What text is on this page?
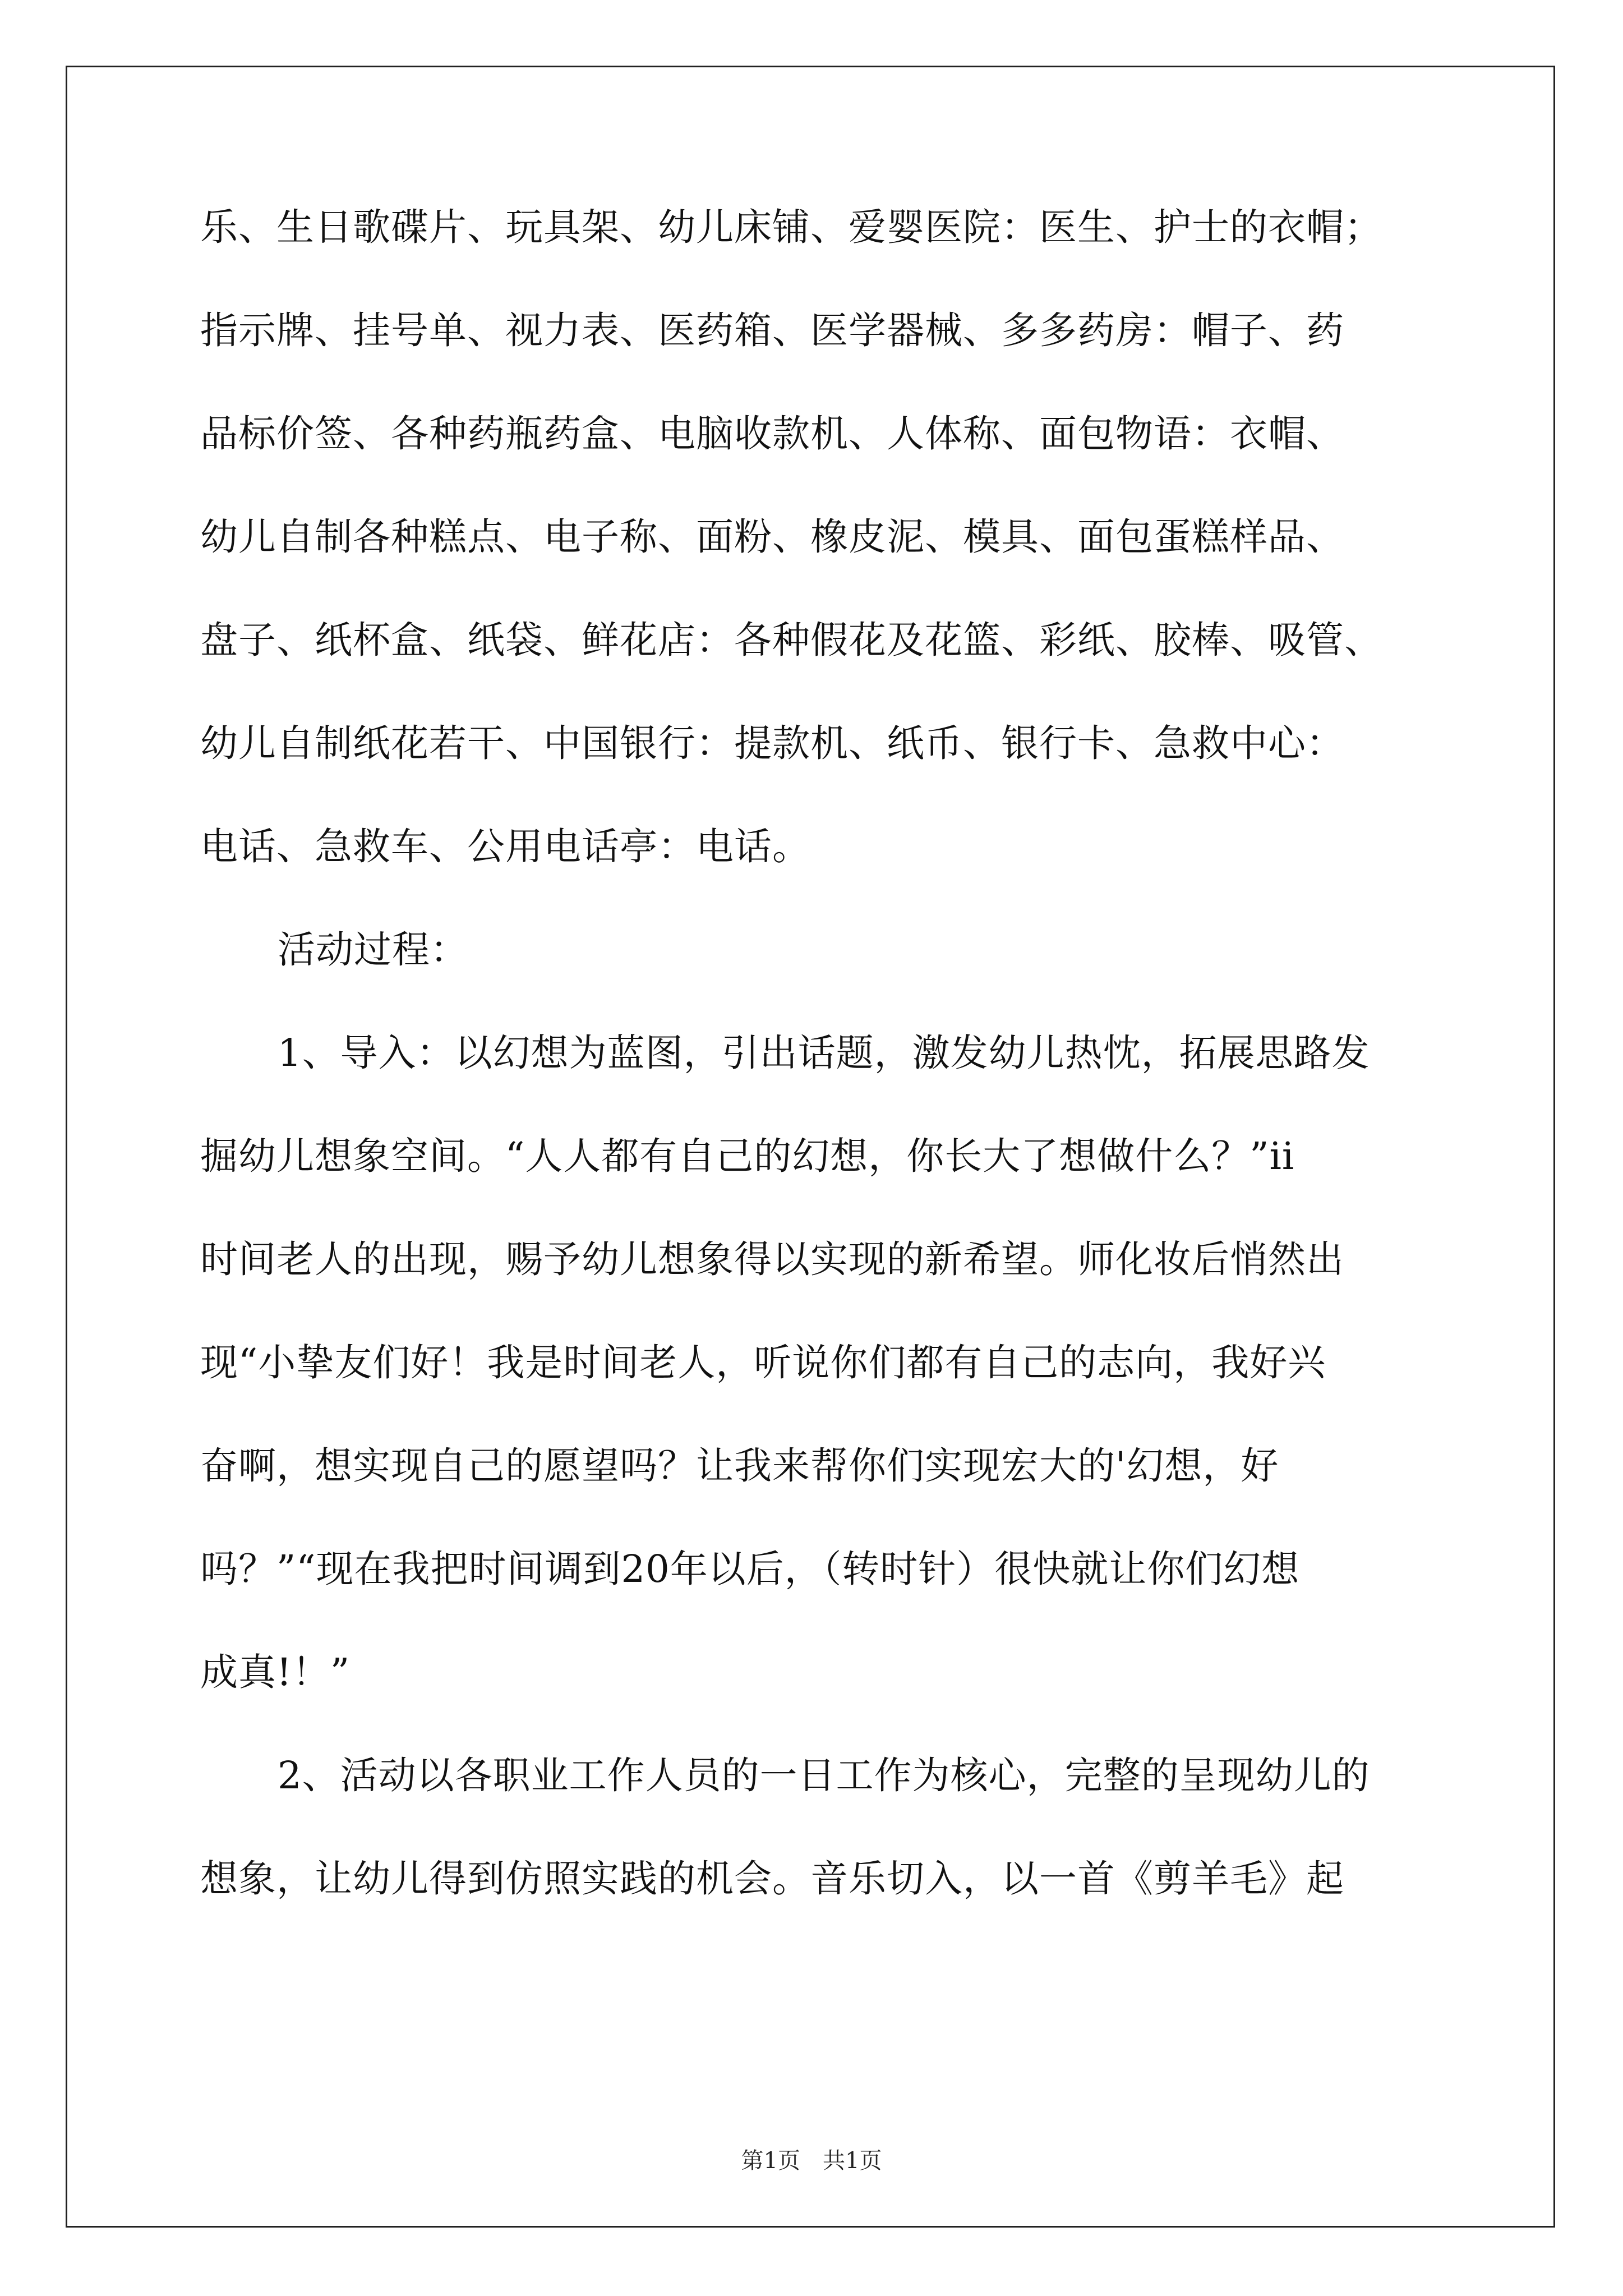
乐、生日歌碟片、玩具架、幼儿床铺、爱婴医院：医生、护士的衣帽；
指示牌、挂号单、视力表、医药箱、医学器械、多多药房：帽子、药
品标价签、各种药瓶药盒、电脑收款机、人体称、面包物语：衣帽、
幼儿自制各种糕点、电子称、面粉、橡皮泥、模具、面包蛋糕样品、
盘子、纸杯盒、纸袋、鲜花店：各种假花及花篮、彩纸、胶棒、吸管、
幼儿自制纸花若干、中国银行：提款机、纸币、银行卡、急救中心：
电话、急救车、公用电话亭：电话。
活动过程：
1、导入：以幻想为蓝图，引出话题，激发幼儿热忱，拓展思路发
掘幼儿想象空间。“人人都有自己的幻想，你长大了想做什么？”ii
时间老人的出现，赐予幼儿想象得以实现的新希望。师化妆后悄然出
现“小挚友们好！我是时间老人，听说你们都有自己的志向，我好兴
奋啊，想实现自己的愿望吗？让我来帮你们实现宏大的'幻想，好
吗？”“现在我把时间调到20年以后，（转时针）很快就让你们幻想
成真!！”
2、活动以各职业工作人员的一日工作为核心，完整的呈现幼儿的
想象，让幼儿得到仿照实践的机会。音乐切入，以一首《剪羊毛》起
第1页　共1页
